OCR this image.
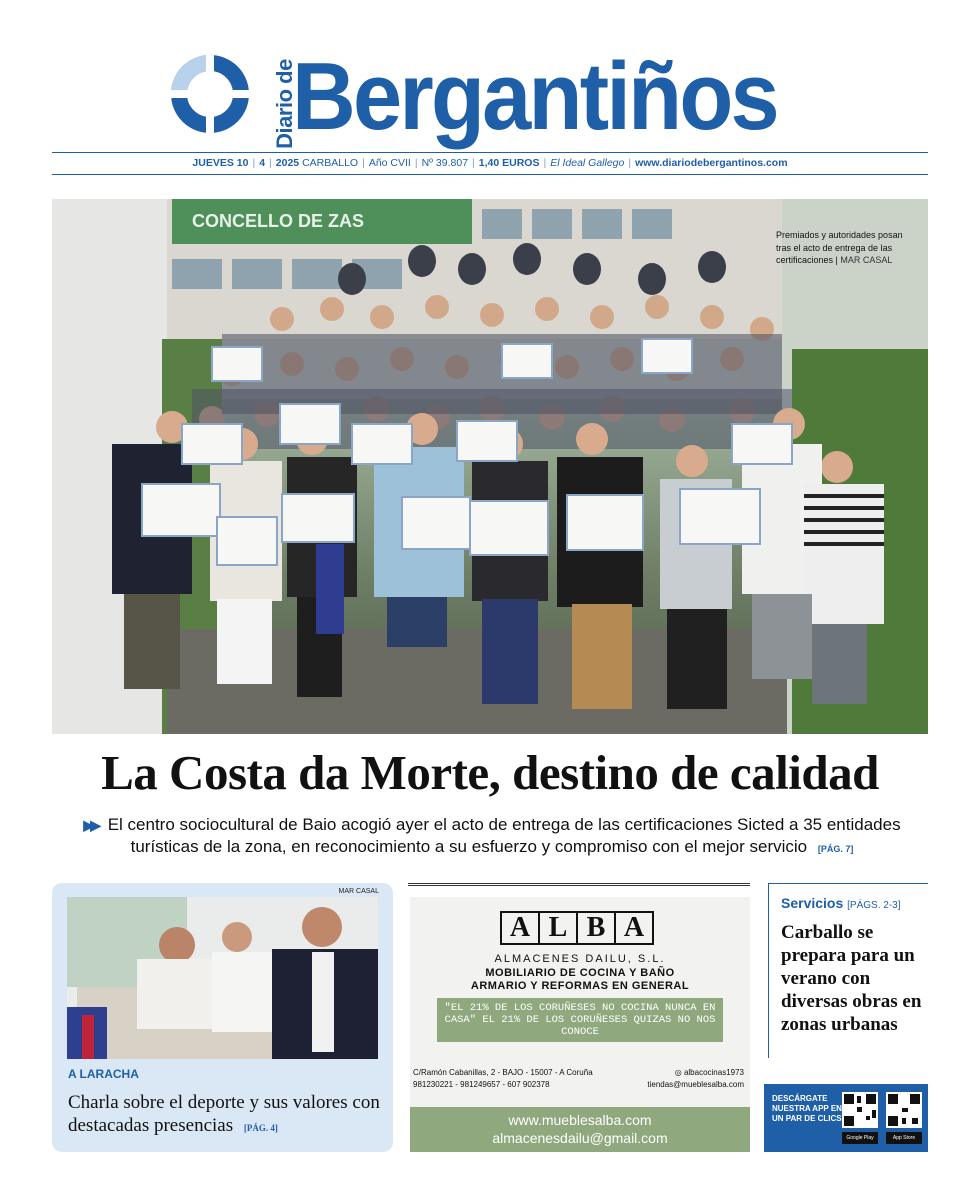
Diario de
Bergantiños
JUEVES 10 | 4 | 2025 CARBALLO | Año CVII | Nº 39.807 | 1,40 EUROS | El Ideal Gallego | www.diariodebergantinos.com
CONCELLO DE ZAS
Premiados y autoridades posan tras el acto de entrega de las certificaciones | MAR CASAL
La Costa da Morte, destino de calidad

▶▶ El centro sociocultural de Baio acogió ayer el acto de entrega de las certificaciones Sicted a 35 entidades turísticas de la zona, en reconocimiento a su esfuerzo y compromiso con el mejor servicio [PÁG. 7]

MAR CASAL
A LARACHA
Charla sobre el deporte y sus valores con destacadas presencias [PÁG. 4]
A L B A
ALMACENES DAILU, S.L.
MOBILIARIO DE COCINA Y BAÑO
ARMARIO Y REFORMAS EN GENERAL
"EL 21% DE LOS CORUÑESES NO COCINA NUNCA EN CASA" EL 21% DE LOS CORUÑESES QUIZAS NO NOS CONOCE
C/Ramón Cabanillas, 2 - BAJO - 15007 - A Coruña
981230221 - 981249657 - 607 902378
◎ albacocinas1973
tiendas@mueblesalba.com
www.mueblesalba.com
almacenesdailu@gmail.com
Servicios [PÁGS. 2-3]
Carballo se prepara para un verano con diversas obras en zonas urbanas
DESCÁRGATE NUESTRA APP EN UN PAR DE CLICS
Google Play	App Store
